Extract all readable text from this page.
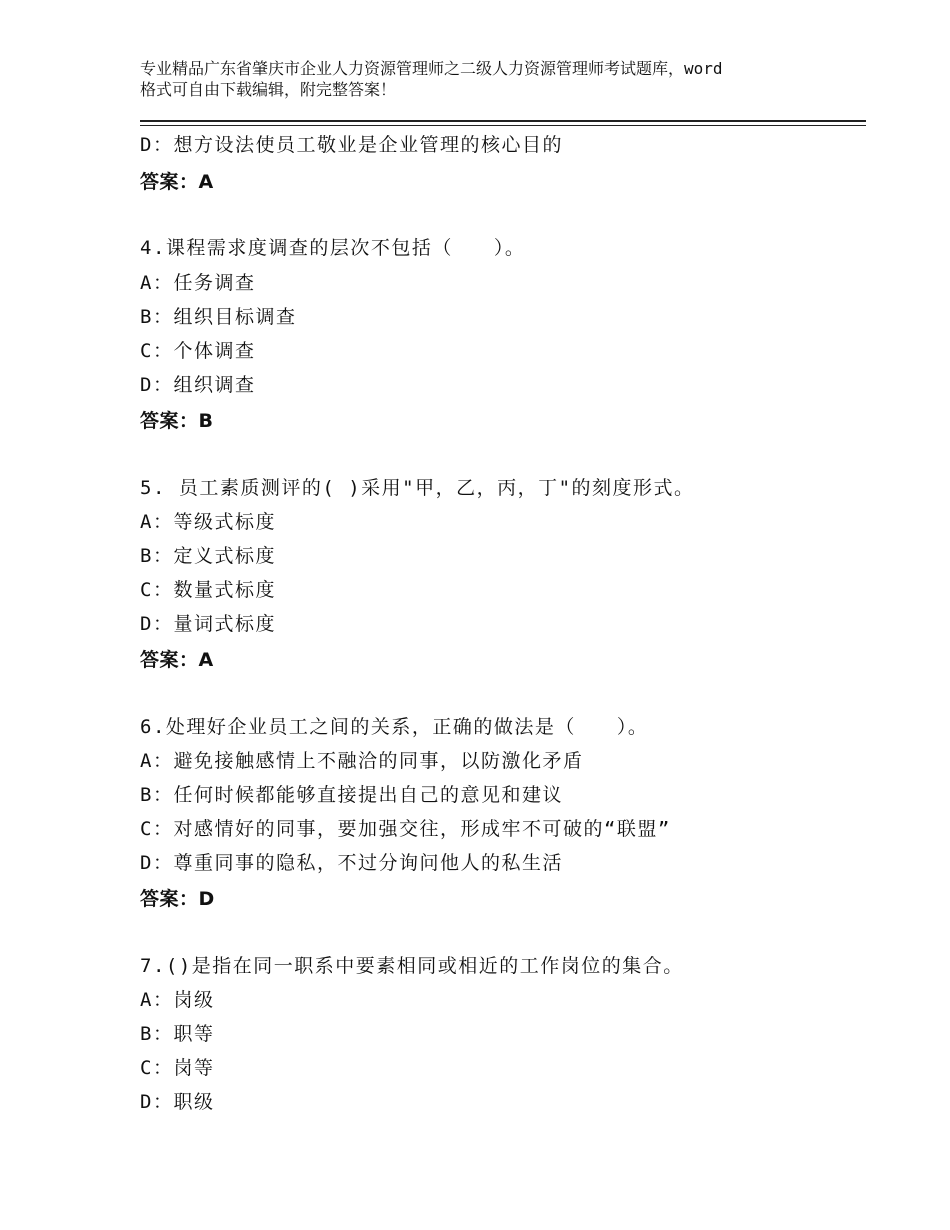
专业精品广东省肇庆市企业人力资源管理师之二级人力资源管理师考试题库，word
格式可自由下载编辑，附完整答案！
D：想方设法使员工敬业是企业管理的核心目的
答案：A
4.课程需求度调查的层次不包括（　　）。
A：任务调查
B：组织目标调查
C：个体调查
D：组织调查
答案：B
5. 员工素质测评的( )采用"甲，乙，丙，丁"的刻度形式。
A：等级式标度
B：定义式标度
C：数量式标度
D：量词式标度
答案：A
6.处理好企业员工之间的关系，正确的做法是（　　）。
A：避免接触感情上不融洽的同事，以防激化矛盾
B：任何时候都能够直接提出自己的意见和建议
C：对感情好的同事，要加强交往，形成牢不可破的“联盟”
D：尊重同事的隐私，不过分询问他人的私生活
答案：D
7.()是指在同一职系中要素相同或相近的工作岗位的集合。
A：岗级
B：职等
C：岗等
D：职级
